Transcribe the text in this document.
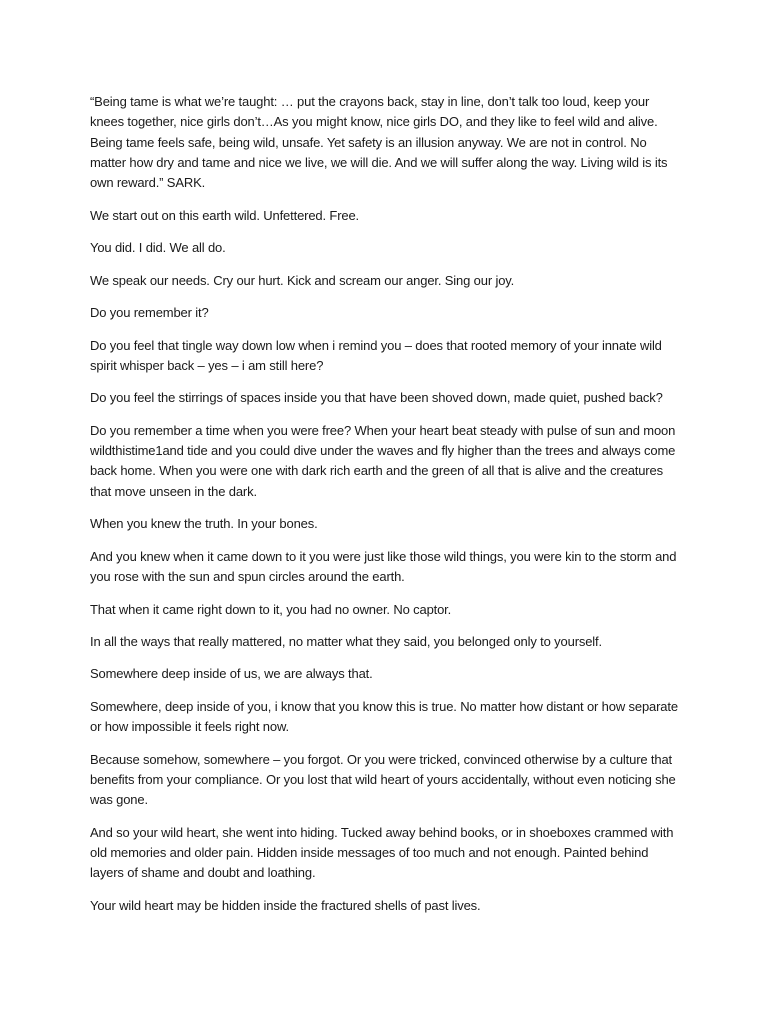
“Being tame is what we’re taught: … put the crayons back, stay in line, don’t talk too loud, keep your knees together, nice girls don’t…As you might know, nice girls DO, and they like to feel wild and alive. Being tame feels safe, being wild, unsafe. Yet safety is an illusion anyway. We are not in control. No matter how dry and tame and nice we live, we will die. And we will suffer along the way. Living wild is its own reward.” SARK.

We start out on this earth wild. Unfettered. Free.

You did. I did. We all do.

We speak our needs. Cry our hurt. Kick and scream our anger. Sing our joy.

Do you remember it?

Do you feel that tingle way down low when i remind you – does that rooted memory of your innate wild spirit whisper back – yes – i am still here?

Do you feel the stirrings of spaces inside you that have been shoved down, made quiet, pushed back?

Do you remember a time when you were free? When your heart beat steady with pulse of sun and moon wildthistime1and tide and you could dive under the waves and fly higher than the trees and always come back home. When you were one with dark rich earth and the green of all that is alive and the creatures that move unseen in the dark.

When you knew the truth. In your bones.

And you knew when it came down to it you were just like those wild things, you were kin to the storm and you rose with the sun and spun circles around the earth.

That when it came right down to it, you had no owner. No captor.

In all the ways that really mattered, no matter what they said, you belonged only to yourself.

Somewhere deep inside of us, we are always that.

Somewhere, deep inside of you, i know that you know this is true. No matter how distant or how separate or how impossible it feels right now.

Because somehow, somewhere – you forgot. Or you were tricked, convinced otherwise by a culture that benefits from your compliance. Or you lost that wild heart of yours accidentally, without even noticing she was gone.

And so your wild heart, she went into hiding. Tucked away behind books, or in shoeboxes crammed with old memories and older pain. Hidden inside messages of too much and not enough. Painted behind layers of shame and doubt and loathing.

Your wild heart may be hidden inside the fractured shells of past lives.
